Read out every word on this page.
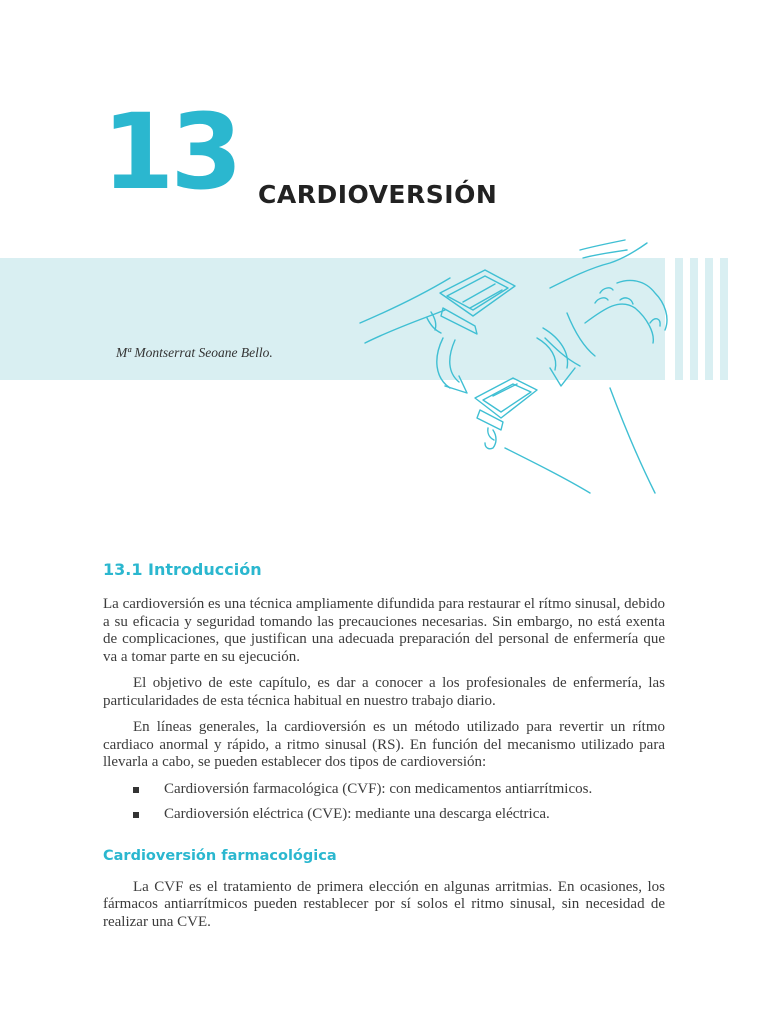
13 CARDIOVERSIÓN
Mª Montserrat Seoane Bello.
13.1 Introducción

La cardioversión es una técnica ampliamente difundida para restaurar el rítmo sinusal, debido a su eficacia y seguridad tomando las precauciones necesarias. Sin embargo, no está exenta de complicaciones, que justifican una adecuada preparación del personal de enfermería que va a tomar parte en su ejecución.

El objetivo de este capítulo, es dar a conocer a los profesionales de enfermería, las particularidades de esta técnica habitual en nuestro trabajo diario.

En líneas generales, la cardioversión es un método utilizado para revertir un rítmo cardiaco anormal y rápido, a ritmo sinusal (RS). En función del mecanismo utilizado para llevarla a cabo, se pueden establecer dos tipos de cardioversión:

Cardioversión farmacológica (CVF): con medicamentos antiarrítmicos.
Cardioversión eléctrica (CVE): mediante una descarga eléctrica.
Cardioversión farmacológica

La CVF es el tratamiento de primera elección en algunas arritmias. En ocasiones, los fármacos antiarrítmicos pueden restablecer por sí solos el ritmo sinusal, sin necesidad de realizar una CVE.
